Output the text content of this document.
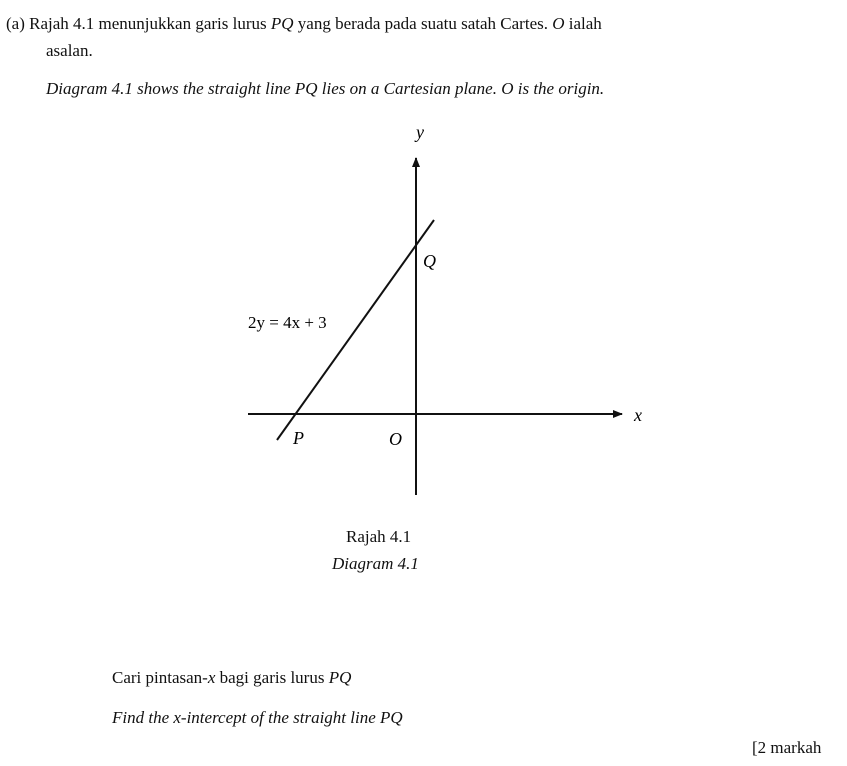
(a) Rajah 4.1 menunjukkan garis lurus PQ yang berada pada suatu satah Cartes. O ialah
asalan.
Diagram 4.1 shows the straight line PQ lies on a Cartesian plane. O is the origin.
y
x
Q
P	O
2y = 4x + 3
Rajah 4.1
Diagram 4.1
Cari pintasan-x bagi garis lurus PQ
Find the x-intercept of the straight line PQ
[2 markah
